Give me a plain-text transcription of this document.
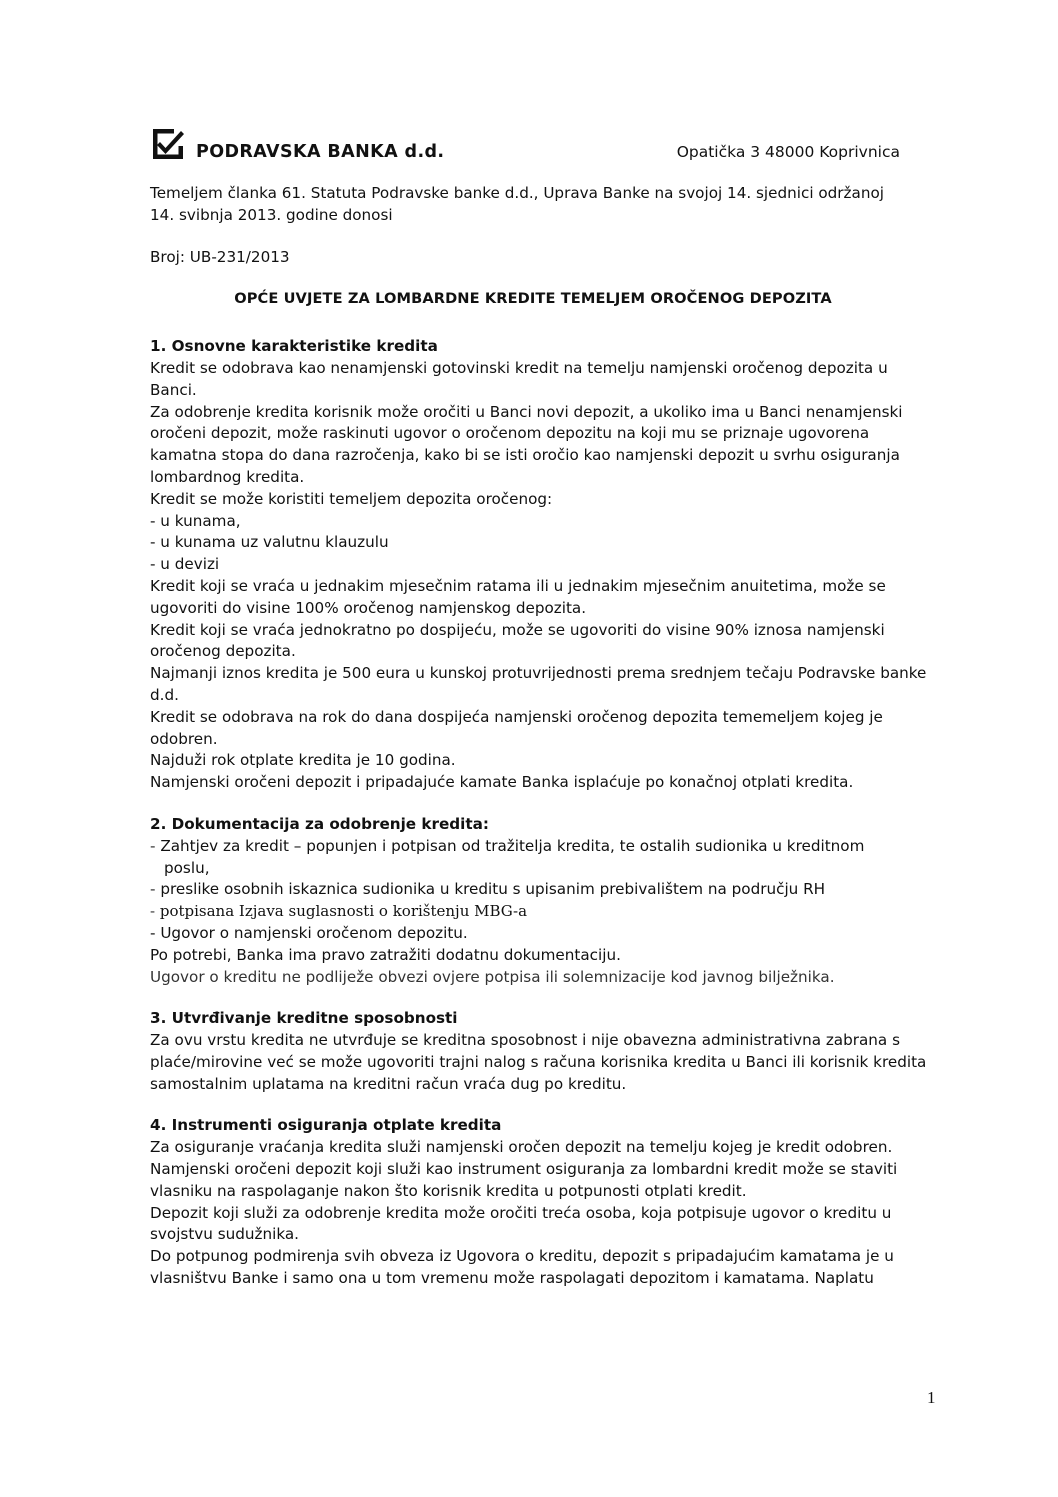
PODRAVSKA BANKA d.d.	Opatička 3 48000 Koprivnica

Temeljem članka 61. Statuta Podravske banke d.d., Uprava Banke na svojoj 14. sjednici održanoj

14. svibnja 2013. godine donosi

Broj: UB-231/2013

OPĆE UVJETE ZA LOMBARDNE KREDITE TEMELJEM OROČENOG DEPOZITA

1. Osnovne karakteristike kredita

Kredit se odobrava kao nenamjenski gotovinski kredit na temelju namjenski oročenog depozita u Banci.

Za odobrenje kredita korisnik može oročiti u Banci novi depozit, a ukoliko ima u Banci nenamjenski oročeni depozit, može raskinuti ugovor o oročenom depozitu na koji mu se priznaje ugovorena kamatna stopa do dana razročenja, kako bi se isti oročio kao namjenski depozit u svrhu osiguranja lombardnog kredita.

Kredit se može koristiti temeljem depozita oročenog:

- u kunama,

- u kunama uz valutnu klauzulu

- u devizi

Kredit koji se vraća u jednakim mjesečnim ratama ili u jednakim mjesečnim anuitetima, može se ugovoriti do visine 100% oročenog namjenskog depozita.

Kredit koji se vraća jednokratno po dospijeću, može se ugovoriti do visine 90% iznosa namjenski oročenog depozita.

Najmanji iznos kredita je 500 eura u kunskoj protuvrijednosti prema srednjem tečaju Podravske banke d.d.

Kredit se odobrava na rok do dana dospijeća namjenski oročenog depozita tememeljem kojeg je odobren.

Najduži rok otplate kredita je 10 godina.

Namjenski oročeni depozit i pripadajuće kamate Banka isplaćuje po konačnoj otplati kredita.

2. Dokumentacija za odobrenje kredita:

- Zahtjev za kredit – popunjen i potpisan od tražitelja kredita, te ostalih sudionika u kreditnom
poslu,

- preslike osobnih iskaznica sudionika u kreditu s upisanim prebivalištem na području RH

- potpisana Izjava suglasnosti o korištenju MBG-a

- Ugovor o namjenski oročenom depozitu.

Po potrebi, Banka ima pravo zatražiti dodatnu dokumentaciju.

Ugovor o kreditu ne podliježe obvezi ovjere potpisa ili solemnizacije kod javnog bilježnika.

3. Utvrđivanje kreditne sposobnosti

Za ovu vrstu kredita ne utvrđuje se kreditna sposobnost i nije obavezna administrativna zabrana s plaće/mirovine već se može ugovoriti trajni nalog s računa korisnika kredita u Banci ili korisnik kredita samostalnim uplatama na kreditni račun vraća dug po kreditu.

4. Instrumenti osiguranja otplate kredita

Za osiguranje vraćanja kredita služi namjenski oročen depozit na temelju kojeg je kredit odobren.

Namjenski oročeni depozit koji služi kao instrument osiguranja za lombardni kredit može se staviti vlasniku na raspolaganje nakon što korisnik kredita u potpunosti otplati kredit.

Depozit koji služi za odobrenje kredita može oročiti treća osoba, koja potpisuje ugovor o kreditu u svojstvu sudužnika.

Do potpunog podmirenja svih obveza iz Ugovora o kreditu, depozit s pripadajućim kamatama je u vlasništvu Banke i samo ona u tom vremenu može raspolagati depozitom i kamatama. Naplatu

1
